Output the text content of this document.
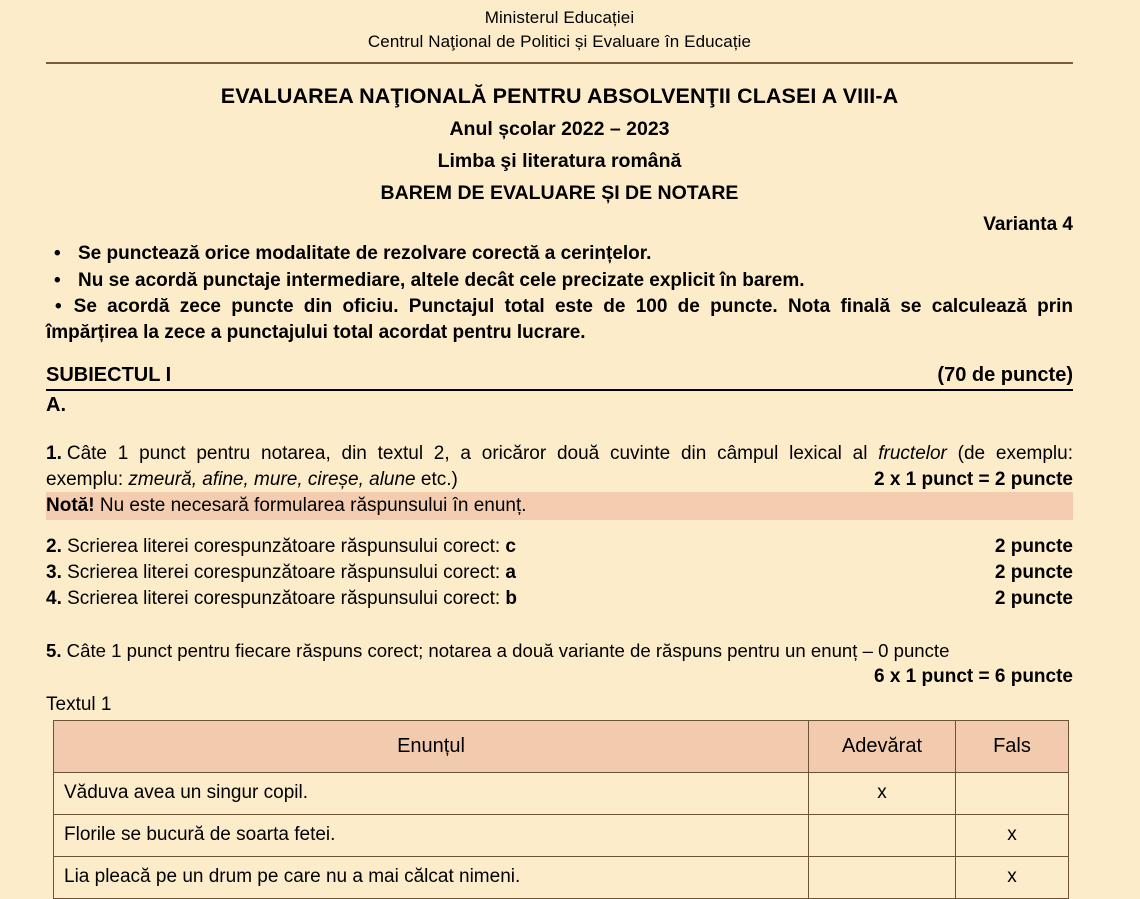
Ministerul Educației
Centrul Naţional de Politici și Evaluare în Educație
EVALUAREA NAŢIONALĂ PENTRU ABSOLVENŢII CLASEI A VIII-A
Anul școlar 2022 – 2023
Limba şi literatura română
BAREM DE EVALUARE ȘI DE NOTARE
Varianta 4
• Se punctează orice modalitate de rezolvare corectă a cerințelor.
• Nu se acordă punctaje intermediare, altele decât cele precizate explicit în barem.
• Se acordă zece puncte din oficiu. Punctajul total este de 100 de puncte. Nota finală se calculează prin împărțirea la zece a punctajului total acordat pentru lucrare.
SUBIECTUL I	(70 de puncte)
A.
1. Câte 1 punct pentru notarea, din textul 2, a oricăror două cuvinte din câmpul lexical al fructelor (de exemplu:
exemplu: zmeură, afine, mure, cireșe, alune etc.)	2 x 1 punct = 2 puncte
Notă! Nu este necesară formularea răspunsului în enunț.
2. Scrierea literei corespunzătoare răspunsului corect: c	2 puncte
3. Scrierea literei corespunzătoare răspunsului corect: a	2 puncte
4. Scrierea literei corespunzătoare răspunsului corect: b	2 puncte
5. Câte 1 punct pentru fiecare răspuns corect; notarea a două variante de răspuns pentru un enunț – 0 puncte
6 x 1 punct = 6 puncte
Textul 1
Enunțul	Adevărat	Fals
Văduva avea un singur copil.	x	
Florile se bucură de soarta fetei.		x
Lia pleacă pe un drum pe care nu a mai călcat nimeni.		x
